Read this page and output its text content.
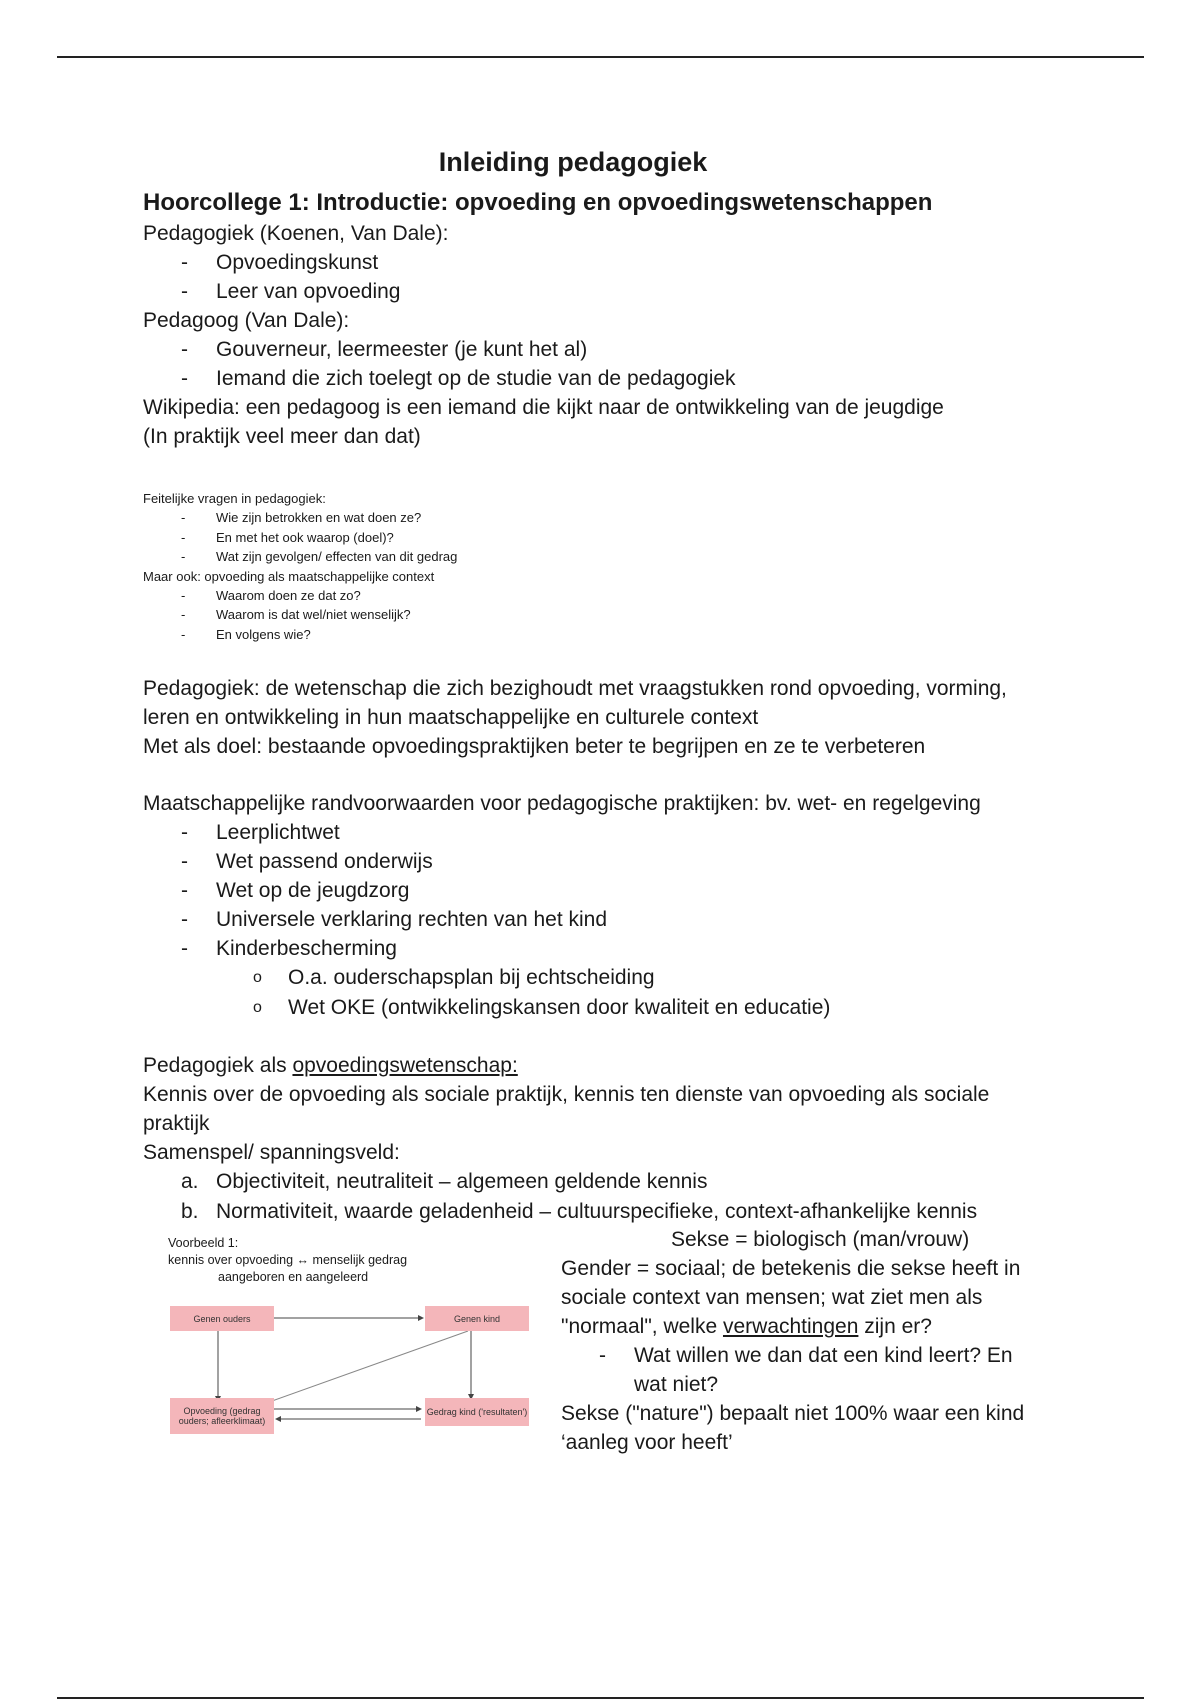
Inleiding pedagogiek
Hoorcollege 1: Introductie: opvoeding en opvoedingswetenschappen

Pedagogiek (Koenen, Van Dale):

- Opvoedingskunst
- Leer van opvoeding

Pedagoog (Van Dale):

- Gouverneur, leermeester (je kunt het al)
- Iemand die zich toelegt op de studie van de pedagogiek

Wikipedia: een pedagoog is een iemand die kijkt naar de ontwikkeling van de jeugdige

(In praktijk veel meer dan dat)

Feitelijke vragen in pedagogiek:

- Wie zijn betrokken en wat doen ze?
- En met het ook waarop (doel)?
- Wat zijn gevolgen/ effecten van dit gedrag

Maar ook: opvoeding als maatschappelijke context

- Waarom doen ze dat zo?
- Waarom is dat wel/niet wenselijk?
- En volgens wie?

Pedagogiek: de wetenschap die zich bezighoudt met vraagstukken rond opvoeding, vorming,

leren en ontwikkeling in hun maatschappelijke en culturele context

Met als doel: bestaande opvoedingspraktijken beter te begrijpen en ze te verbeteren

Maatschappelijke randvoorwaarden voor pedagogische praktijken: bv. wet- en regelgeving

- Leerplichtwet
- Wet passend onderwijs
- Wet op de jeugdzorg
- Universele verklaring rechten van het kind
- Kinderbescherming
o O.a. ouderschapsplan bij echtscheiding
o Wet OKE (ontwikkelingskansen door kwaliteit en educatie)

Pedagogiek als opvoedingswetenschap:

Kennis over de opvoeding als sociale praktijk, kennis ten dienste van opvoeding als sociale

praktijk

Samenspel/ spanningsveld:

a. Objectiviteit, neutraliteit – algemeen geldende kennis
b. Normativiteit, waarde geladenheid – cultuurspecifieke, context-afhankelijke kennis
Voorbeeld 1:
kennis over opvoeding ↔ menselijk gedrag
aangeboren en aangeleerd
Genen ouders	Genen kind
Opvoeding (gedrag ouders; afleerklimaat)
Gedrag kind ('resultaten')

Sekse = biologisch (man/vrouw)

Gender = sociaal; de betekenis die sekse heeft in

sociale context van mensen; wat ziet men als

"normaal", welke verwachtingen zijn er?

- Wat willen we dan dat een kind leert? En
wat niet?

Sekse ("nature") bepaalt niet 100% waar een kind

‘aanleg voor heeft’
